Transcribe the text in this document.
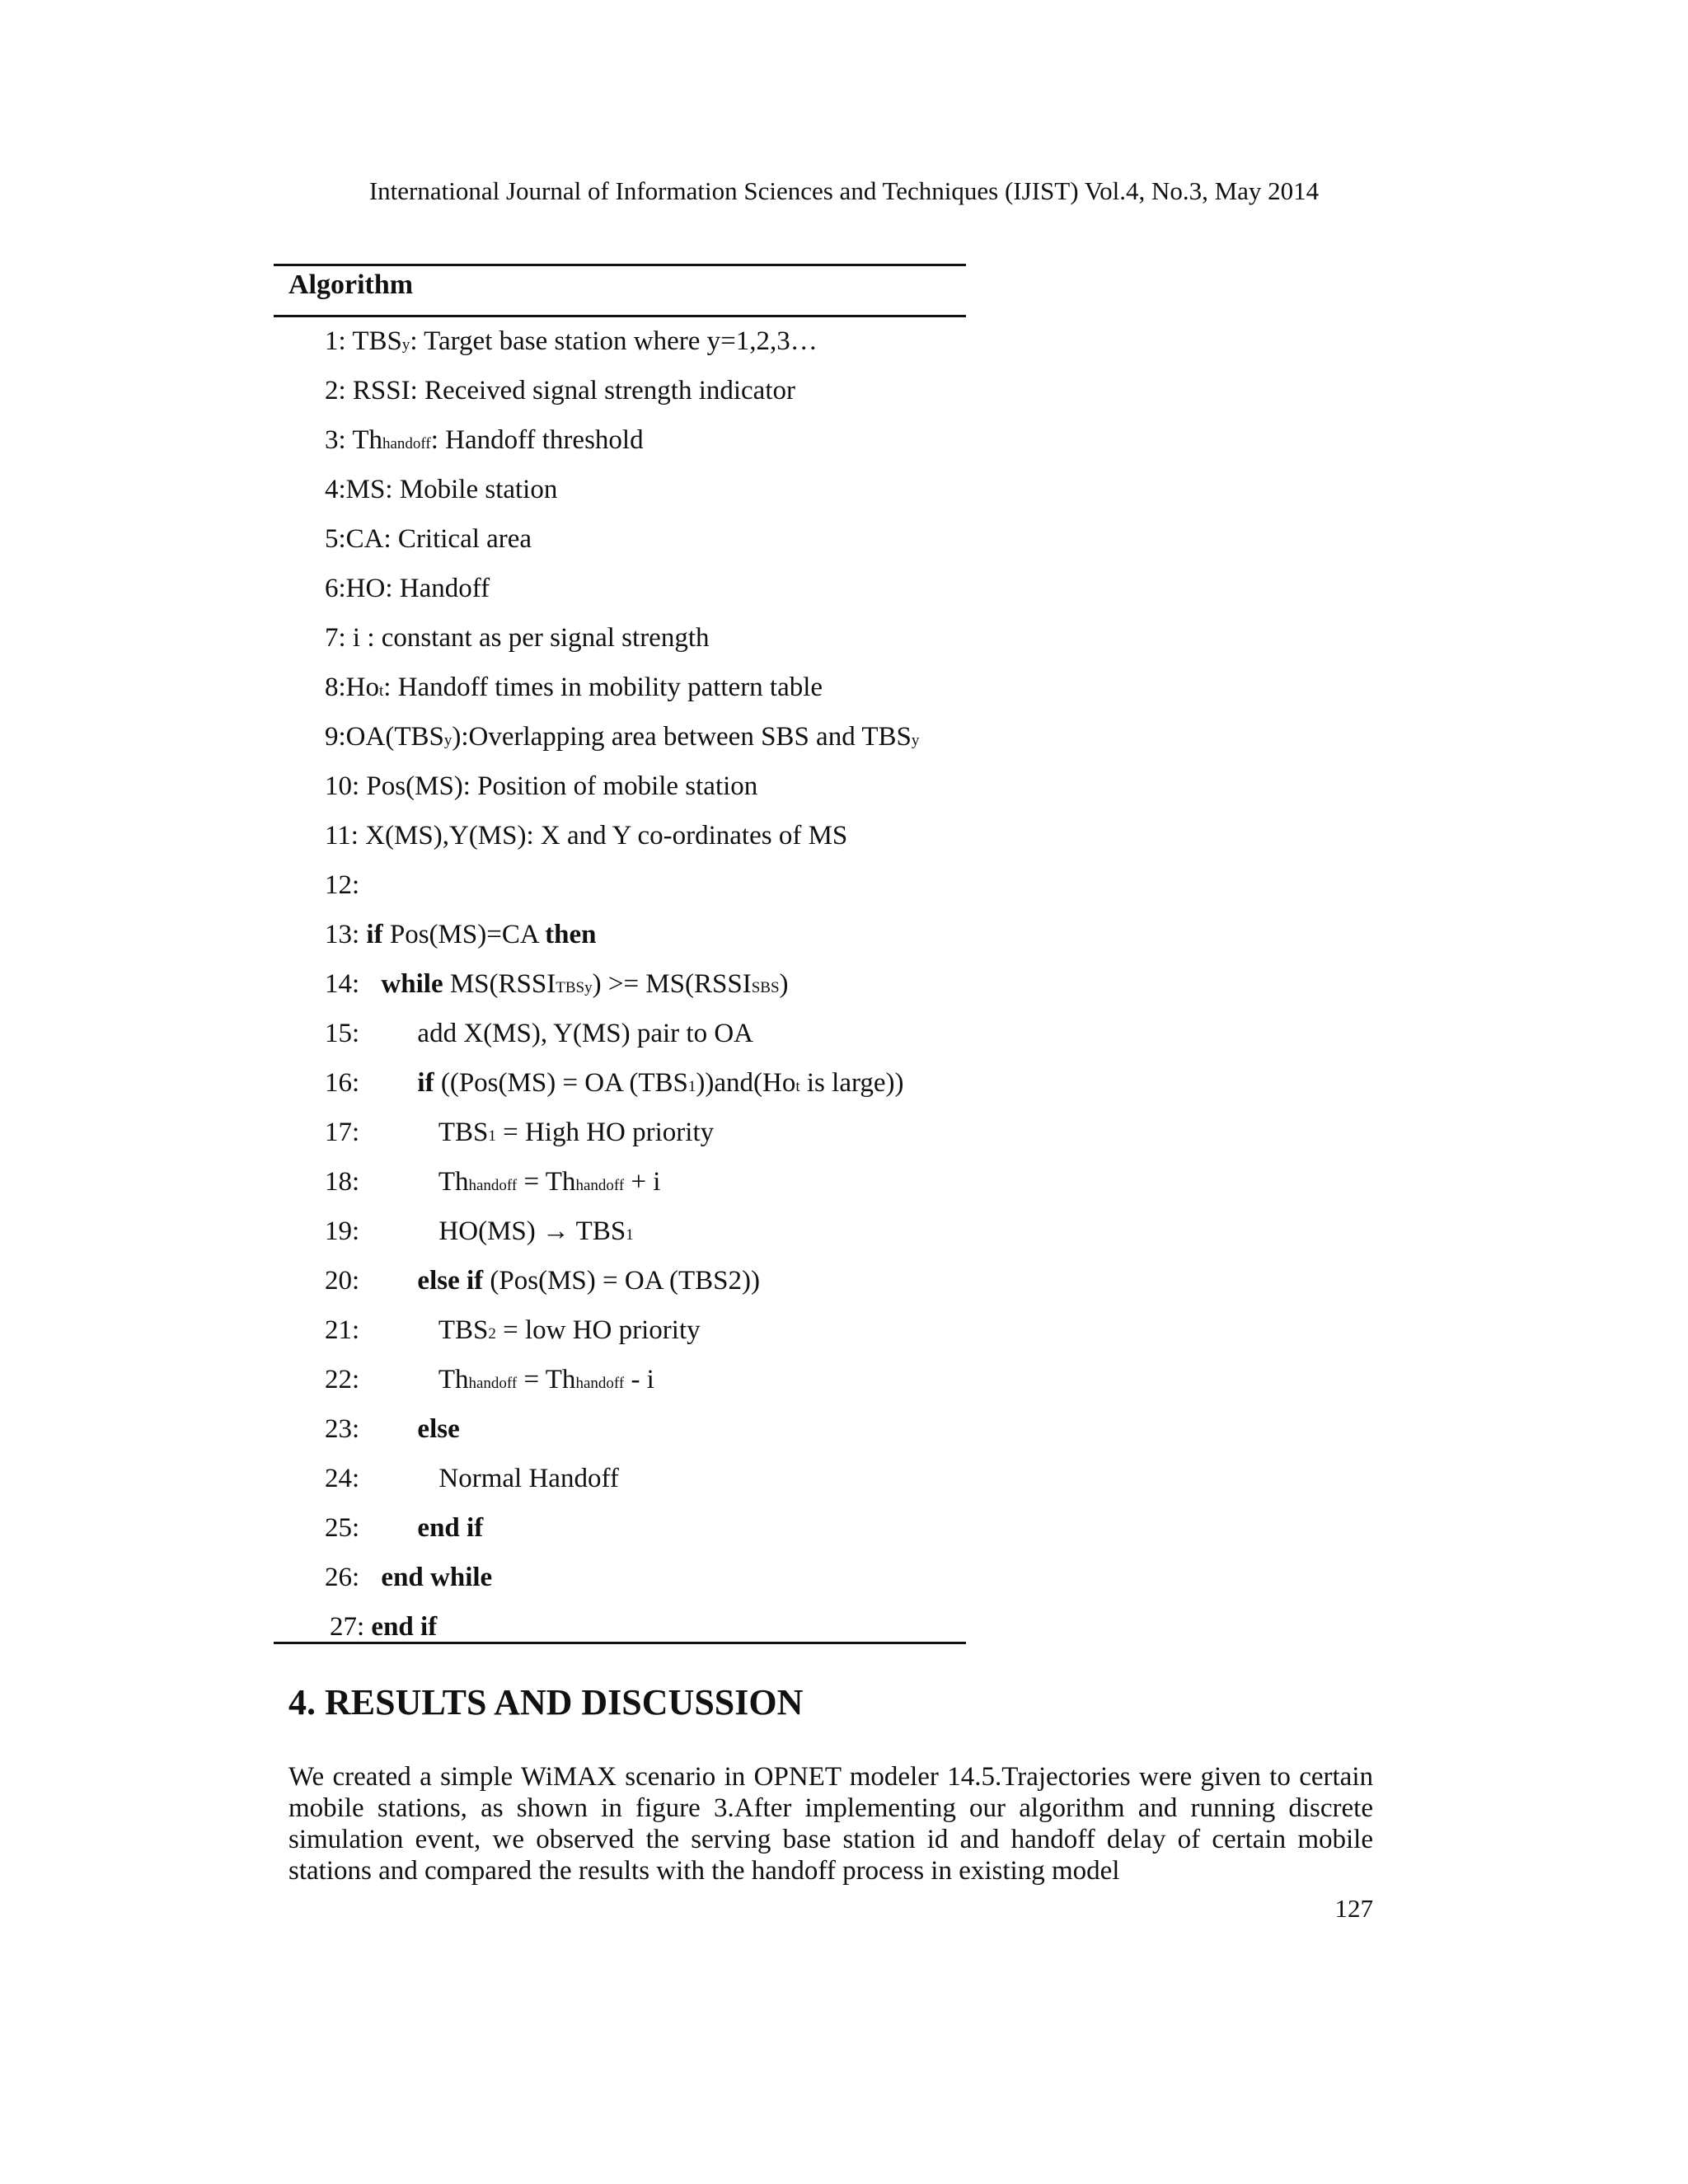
International Journal of Information Sciences and Techniques (IJIST) Vol.4, No.3, May 2014
Algorithm
1: TBSy: Target base station where y=1,2,3…
2: RSSI: Received signal strength indicator
3: Thhandoff: Handoff threshold
4:MS: Mobile station
5:CA: Critical area
6:HO: Handoff
7: i : constant as per signal strength
8:Hot: Handoff times in mobility pattern table
9:OA(TBSy):Overlapping area between SBS and TBSy
10: Pos(MS): Position of mobile station
11: X(MS),Y(MS): X and Y co-ordinates of MS
12:
13: if Pos(MS)=CA then
14: while MS(RSSITBSy) >= MS(RSSISBS)
15: add X(MS), Y(MS) pair to OA
16: if ((Pos(MS) = OA (TBS1))and(Hot is large))
17:	TBS1 = High HO priority
18:	Thhandoff = Thhandoff + i
19:	HO(MS) → TBS1
20: else if (Pos(MS) = OA (TBS2))
21:	TBS2 = low HO priority
22:	Thhandoff = Thhandoff - i
23: else
24:	Normal Handoff
25: end if
26: end while
27: end if
4. RESULTS AND DISCUSSION

We created a simple WiMAX scenario in OPNET modeler 14.5.Trajectories were given to certain mobile stations, as shown in figure 3.After implementing our algorithm and running discrete simulation event, we observed the serving base station id and handoff delay of certain mobile stations and compared the results with the handoff process in existing model

127
